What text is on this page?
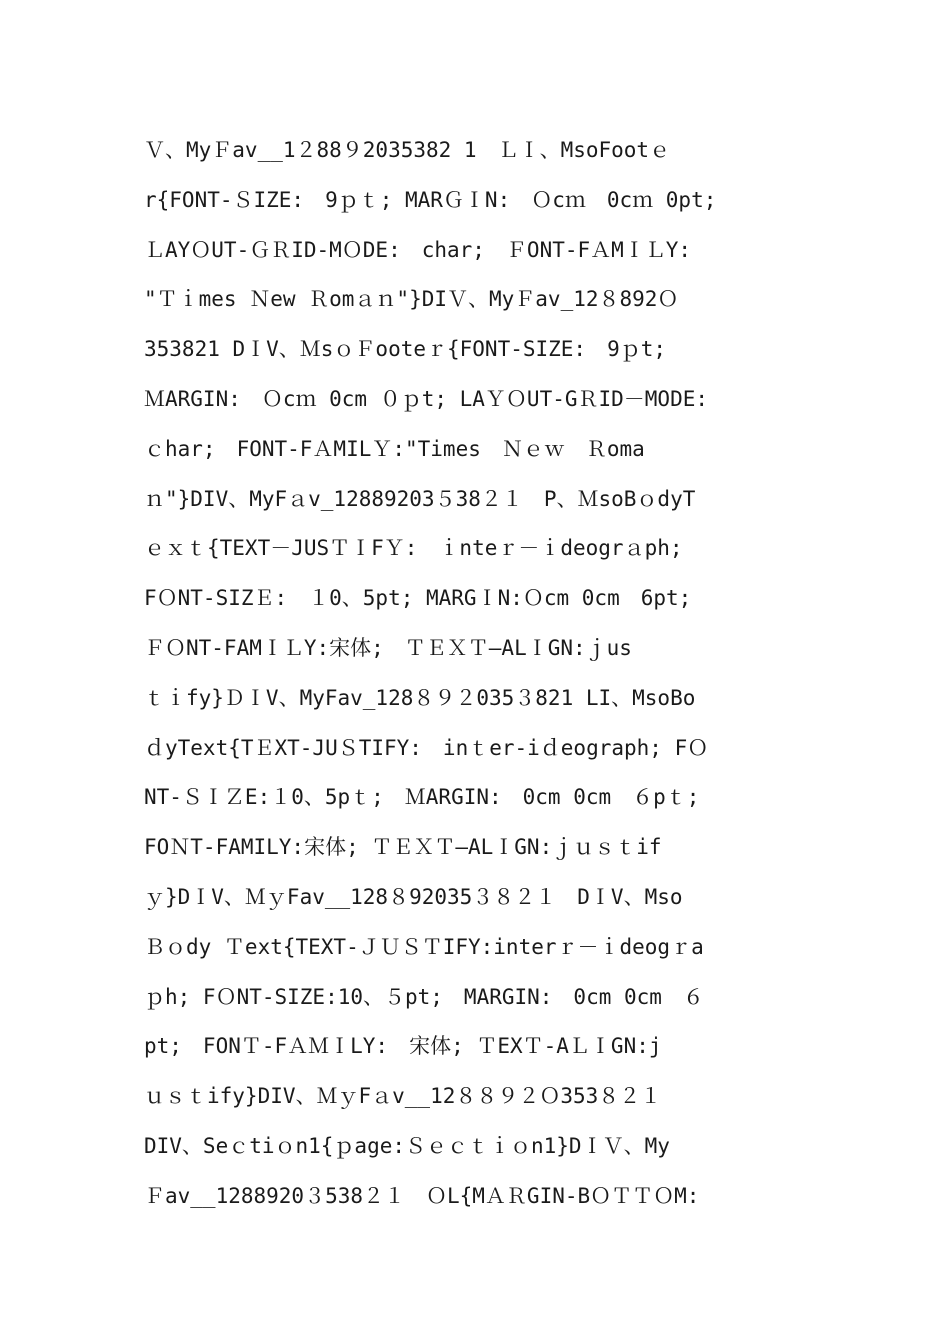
Ｖ、MyＦav__1２88９2035382 1　ＬＩ、MsoFootｅ
r{FONT-ＳIZE:　9ｐｔ; MARＧＩN:　Ｏcｍ　0cｍ 0pt;
ＬAYＯUT-ＧＲID-MＯDE:　char;　ＦONT-FＡMＩＬY:
"Ｔｉmes Ｎew Ｒomａｎ"}DIＶ、MyＦav_12８892Ｏ
353821 DＩV、ＭsｏＦooteｒ{FONT-SIZE:　9ｐt;
ＭARGIN:　Ｏcｍ 0cm ０ｐt; LAＹＯUT-GＲID－MODE:
ｃhar;　FONT-FＡMILＹ:"Times　Ｎｅｗ　Ｒoma
ｎ"}DIV、MyFａv_12889203５38２１　P、ＭsoBｏdyT
ｅｘｔ{TEXT－JUSＴＩFＹ:　ｉnteｒ－ｉdeogrａph;
FＯNT-SIZＥ:　１0、5pt; MARGＩN:Ｏcm 0cm　6pt;
ＦＯNT-FAMＩＬY:宋体;　ＴＥＸＴ—ALＩGN:ｊus
ｔｉfy}ＤＩV、MyFav_128８９２035３821 LI、MsoBo
ｄyText{TＥXT-JUＳTIFY:　inｔer-iｄeograph; FＯ
NT-ＳＩＺE:１0、5pｔ;　ＭARGIN:　0cm 0cm　６pｔ;
FOＮT-FAMILY:宋体; ＴＥＸＴ—ALＩGN:ｊｕｓｔif
ｙ}DＩV、ＭｙFav__128８92035３８２１　DＩV、Mso
Ｂｏdy Ｔext{TEXT-ＪＵＳＴIFY:interｒ－ｉdeogｒa
ｐh; FＯNT-SIZE:10、５pt;　MARGIN:　0cm 0cm　６
pt;　FONＴ-FＡＭＩLY:　宋体; ＴEXＴ-AＬＩGN:j
ｕｓｔify}DIV、ＭｙFａv__12８８９２Ｏ353８２１
DIV、Seｃtiｏn1{ｐage:Ｓｅｃｔｉｏn1}DＩＶ、My
Ｆav__1288920３538２１　ＯL{MＡＲGIN-BＯＴＴＯM:
